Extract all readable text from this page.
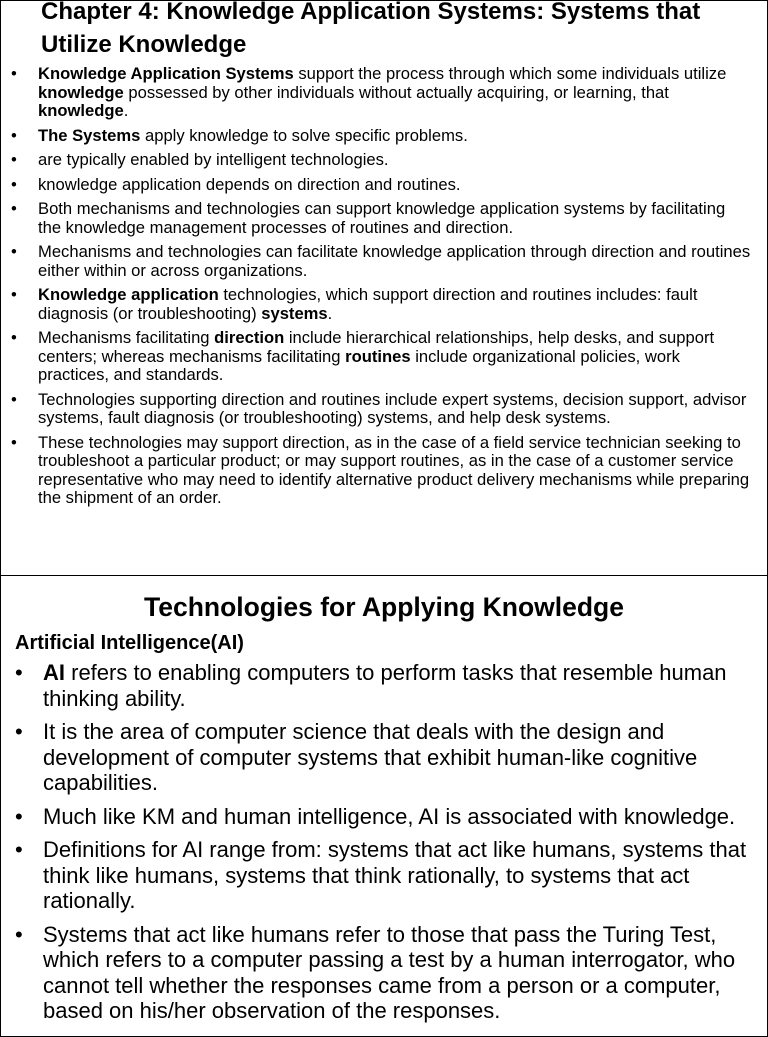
Chapter 4: Knowledge Application Systems: Systems that Utilize Knowledge
• Knowledge Application Systems support the process through which some individuals utilize knowledge possessed by other individuals without actually acquiring, or learning, that knowledge.
• The Systems apply knowledge to solve specific problems.
• are typically enabled by intelligent technologies.
• knowledge application depends on direction and routines.
• Both mechanisms and technologies can support knowledge application systems by facilitating the knowledge management processes of routines and direction.
• Mechanisms and technologies can facilitate knowledge application through direction and routines either within or across organizations.
• Knowledge application technologies, which support direction and routines includes: fault diagnosis (or troubleshooting) systems.
• Mechanisms facilitating direction include hierarchical relationships, help desks, and support centers; whereas mechanisms facilitating routines include organizational policies, work practices, and standards.
• Technologies supporting direction and routines include expert systems, decision support, advisor systems, fault diagnosis (or troubleshooting) systems, and help desk systems.
• These technologies may support direction, as in the case of a field service technician seeking to troubleshoot a particular product; or may support routines, as in the case of a customer service representative who may need to identify alternative product delivery mechanisms while preparing the shipment of an order.
Technologies for Applying Knowledge
Artificial Intelligence(AI)
• AI refers to enabling computers to perform tasks that resemble human thinking ability.
• It is the area of computer science that deals with the design and development of computer systems that exhibit human-like cognitive capabilities.
• Much like KM and human intelligence, AI is associated with knowledge.
• Definitions for AI range from: systems that act like humans, systems that think like humans, systems that think rationally, to systems that act rationally.
• Systems that act like humans refer to those that pass the Turing Test, which refers to a computer passing a test by a human interrogator, who cannot tell whether the responses came from a person or a computer, based on his/her observation of the responses.
